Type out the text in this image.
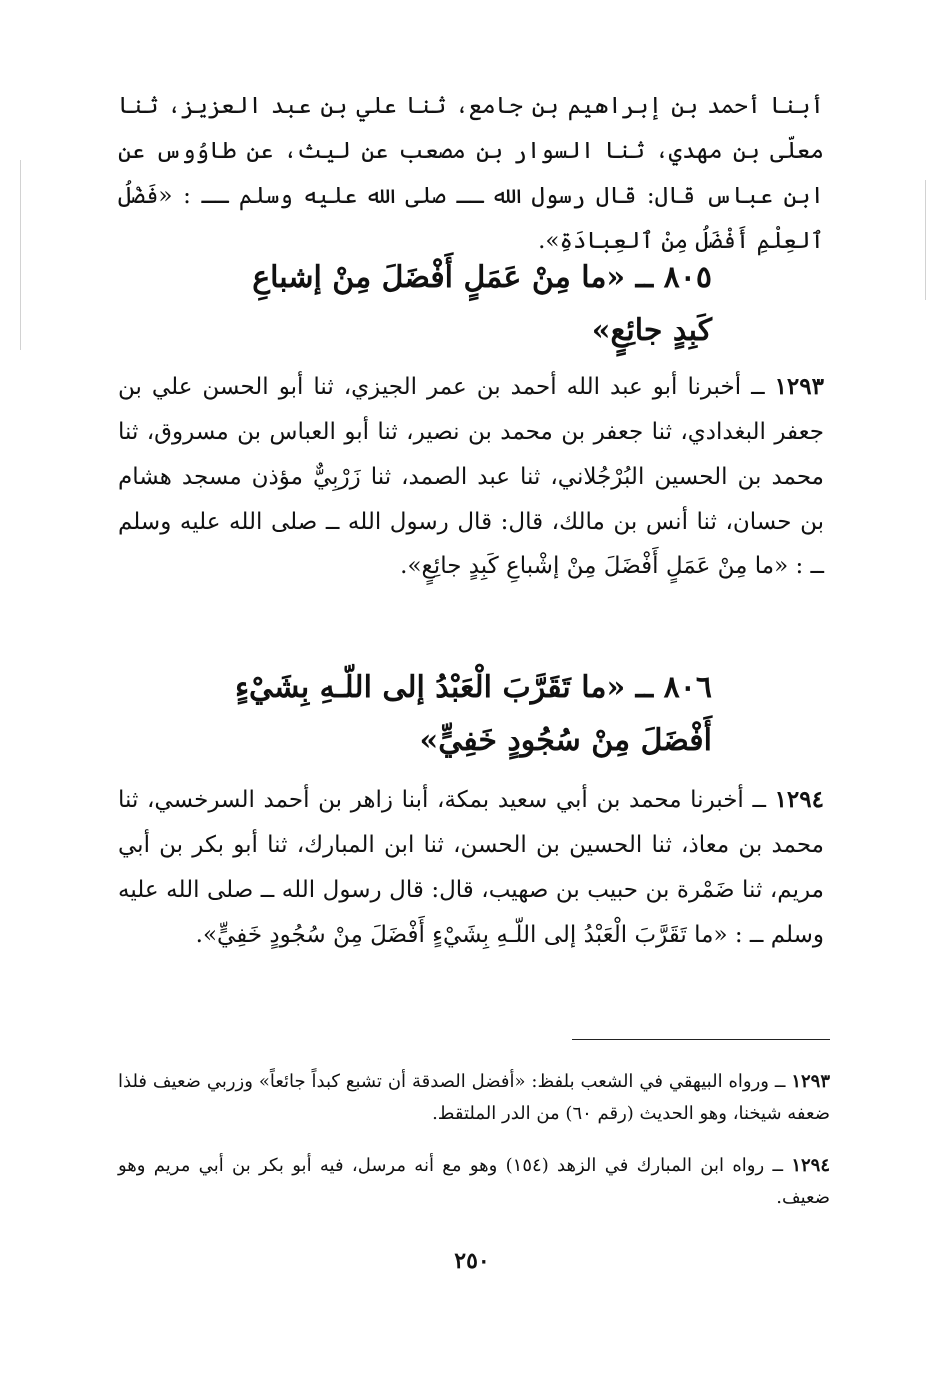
أبنا أحمد بن إبراهيم بن جامع، ثنا علي بن عبد العزيز، ثنا معلّى بن مهدي، ثنا السوار بن مصعب عن ليث، عن طاوُوس عن ابن عباس قال: قال رسول الله ــ صلى الله عليه وسلم ــ : «فَضْلُ ٱلعِلْمِ أَفْضَلُ مِنْ ٱلعِبادَةِ».

٨٠٥ ــ «ما مِنْ عَمَلٍ أَفْضَلَ مِنْ إشباعِ كَبِدٍ جائِعٍ»

١٢٩٣ ــ أخبرنا أبو عبد الله أحمد بن عمر الجيزي، ثنا أبو الحسن علي بن جعفر البغدادي، ثنا جعفر بن محمد بن نصير، ثنا أبو العباس بن مسروق، ثنا محمد بن الحسين البُرْجُلاني، ثنا عبد الصمد، ثنا زَرْبِيٌّ مؤذن مسجد هشام بن حسان، ثنا أنس بن مالك، قال: قال رسول الله ــ صلى الله عليه وسلم ــ : «ما مِنْ عَمَلٍ أَفْضَلَ مِنْ إشْباعِ كَبِدٍ جائِعٍ».

٨٠٦ ــ «ما تَقَرَّبَ الْعَبْدُ إلى اللّـهِ بِشَيْءٍ أَفْضَلَ مِنْ سُجُودٍ خَفِيٍّ»

١٢٩٤ ــ أخبرنا محمد بن أبي سعيد بمكة، أبنا زاهر بن أحمد السرخسي، ثنا محمد بن معاذ، ثنا الحسين بن الحسن، ثنا ابن المبارك، ثنا أبو بكر بن أبي مريم، ثنا ضَمْرة بن حبيب بن صهيب، قال: قال رسول الله ــ صلى الله عليه وسلم ــ : «ما تَقَرَّبَ الْعَبْدُ إلى اللّـهِ بِشَيْءٍ أَفْضَلَ مِنْ سُجُودٍ خَفِيٍّ».

١٢٩٣ ــ ورواه البيهقي في الشعب بلفظ: «أفضل الصدقة أن تشبع كبداً جائعاً» وزربي ضعيف فلذا ضعفه شيخنا، وهو الحديث (رقم ٦٠) من الدر الملتقط.

١٢٩٤ ــ رواه ابن المبارك في الزهد (١٥٤) وهو مع أنه مرسل، فيه أبو بكر بن أبي مريم وهو ضعيف.

٢٥٠
